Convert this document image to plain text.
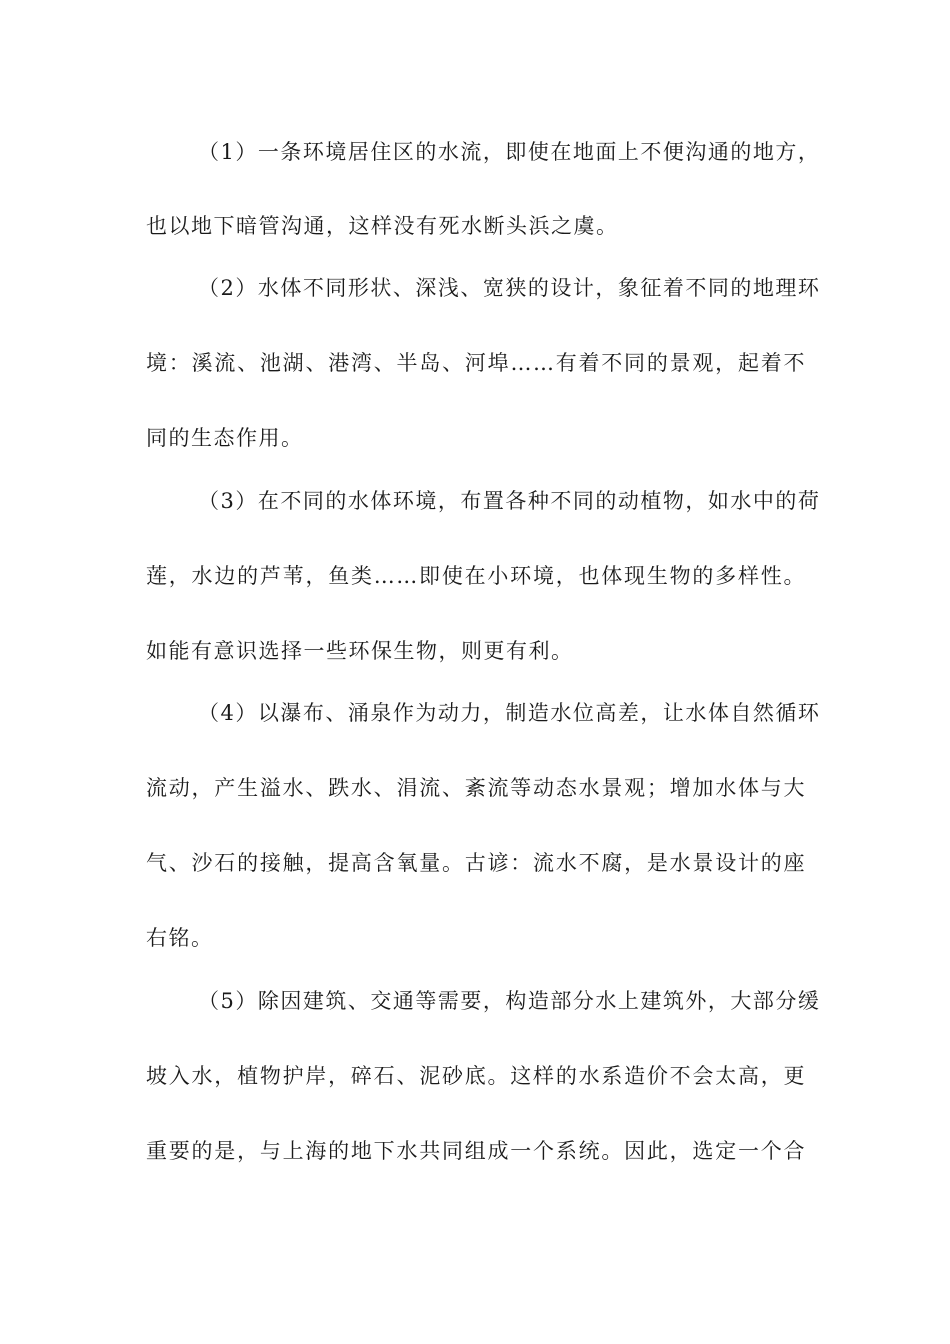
（1）一条环境居住区的水流，即使在地面上不便沟通的地方，
也以地下暗管沟通，这样没有死水断头浜之虞。
（2）水体不同形状、深浅、宽狭的设计，象征着不同的地理环
境：溪流、池湖、港湾、半岛、河埠……有着不同的景观，起着不
同的生态作用。
（3）在不同的水体环境，布置各种不同的动植物，如水中的荷
莲，水边的芦苇，鱼类……即使在小环境，也体现生物的多样性。
如能有意识选择一些环保生物，则更有利。
（4）以瀑布、涌泉作为动力，制造水位高差，让水体自然循环
流动，产生溢水、跌水、涓流、紊流等动态水景观；增加水体与大
气、沙石的接触，提高含氧量。古谚：流水不腐，是水景设计的座
右铭。
（5）除因建筑、交通等需要，构造部分水上建筑外，大部分缓
坡入水，植物护岸，碎石、泥砂底。这样的水系造价不会太高，更
重要的是，与上海的地下水共同组成一个系统。因此，选定一个合
